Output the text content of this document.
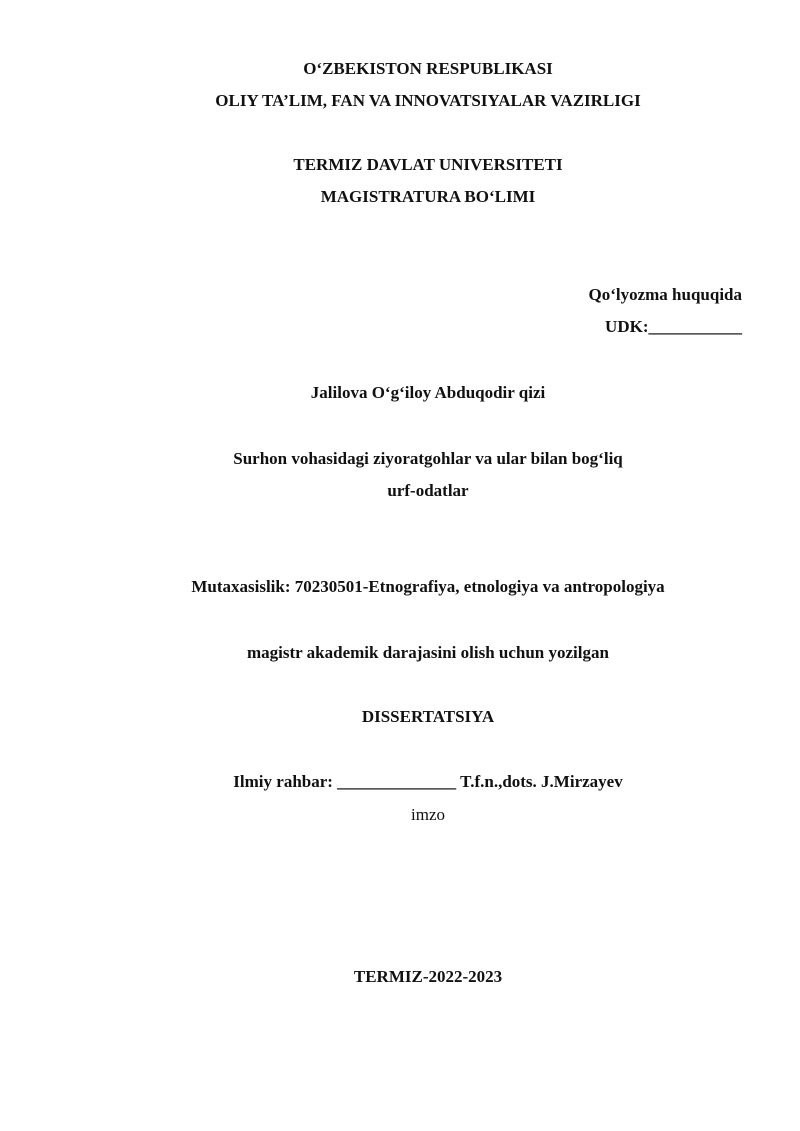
O‘ZBEKISTON RESPUBLIKASI
OLIY TA’LIM, FAN VA INNOVATSIYALAR VAZIRLIGI
TERMIZ DAVLAT UNIVERSITETI
MAGISTRATURA BO‘LIMI
Qo‘lyozma huquqida
UDK:___________
Jalilova O‘g‘iloy Abduqodir qizi
Surhon vohasidagi ziyoratgohlar va ular bilan bog‘liq
urf-odatlar
Mutaxasislik: 70230501-Etnografiya, etnologiya va antropologiya
magistr akademik darajasini olish uchun yozilgan
DISSERTATSIYA
Ilmiy rahbar: ______________ T.f.n.,dots. J.Mirzayev
imzo
TERMIZ-2022-2023
